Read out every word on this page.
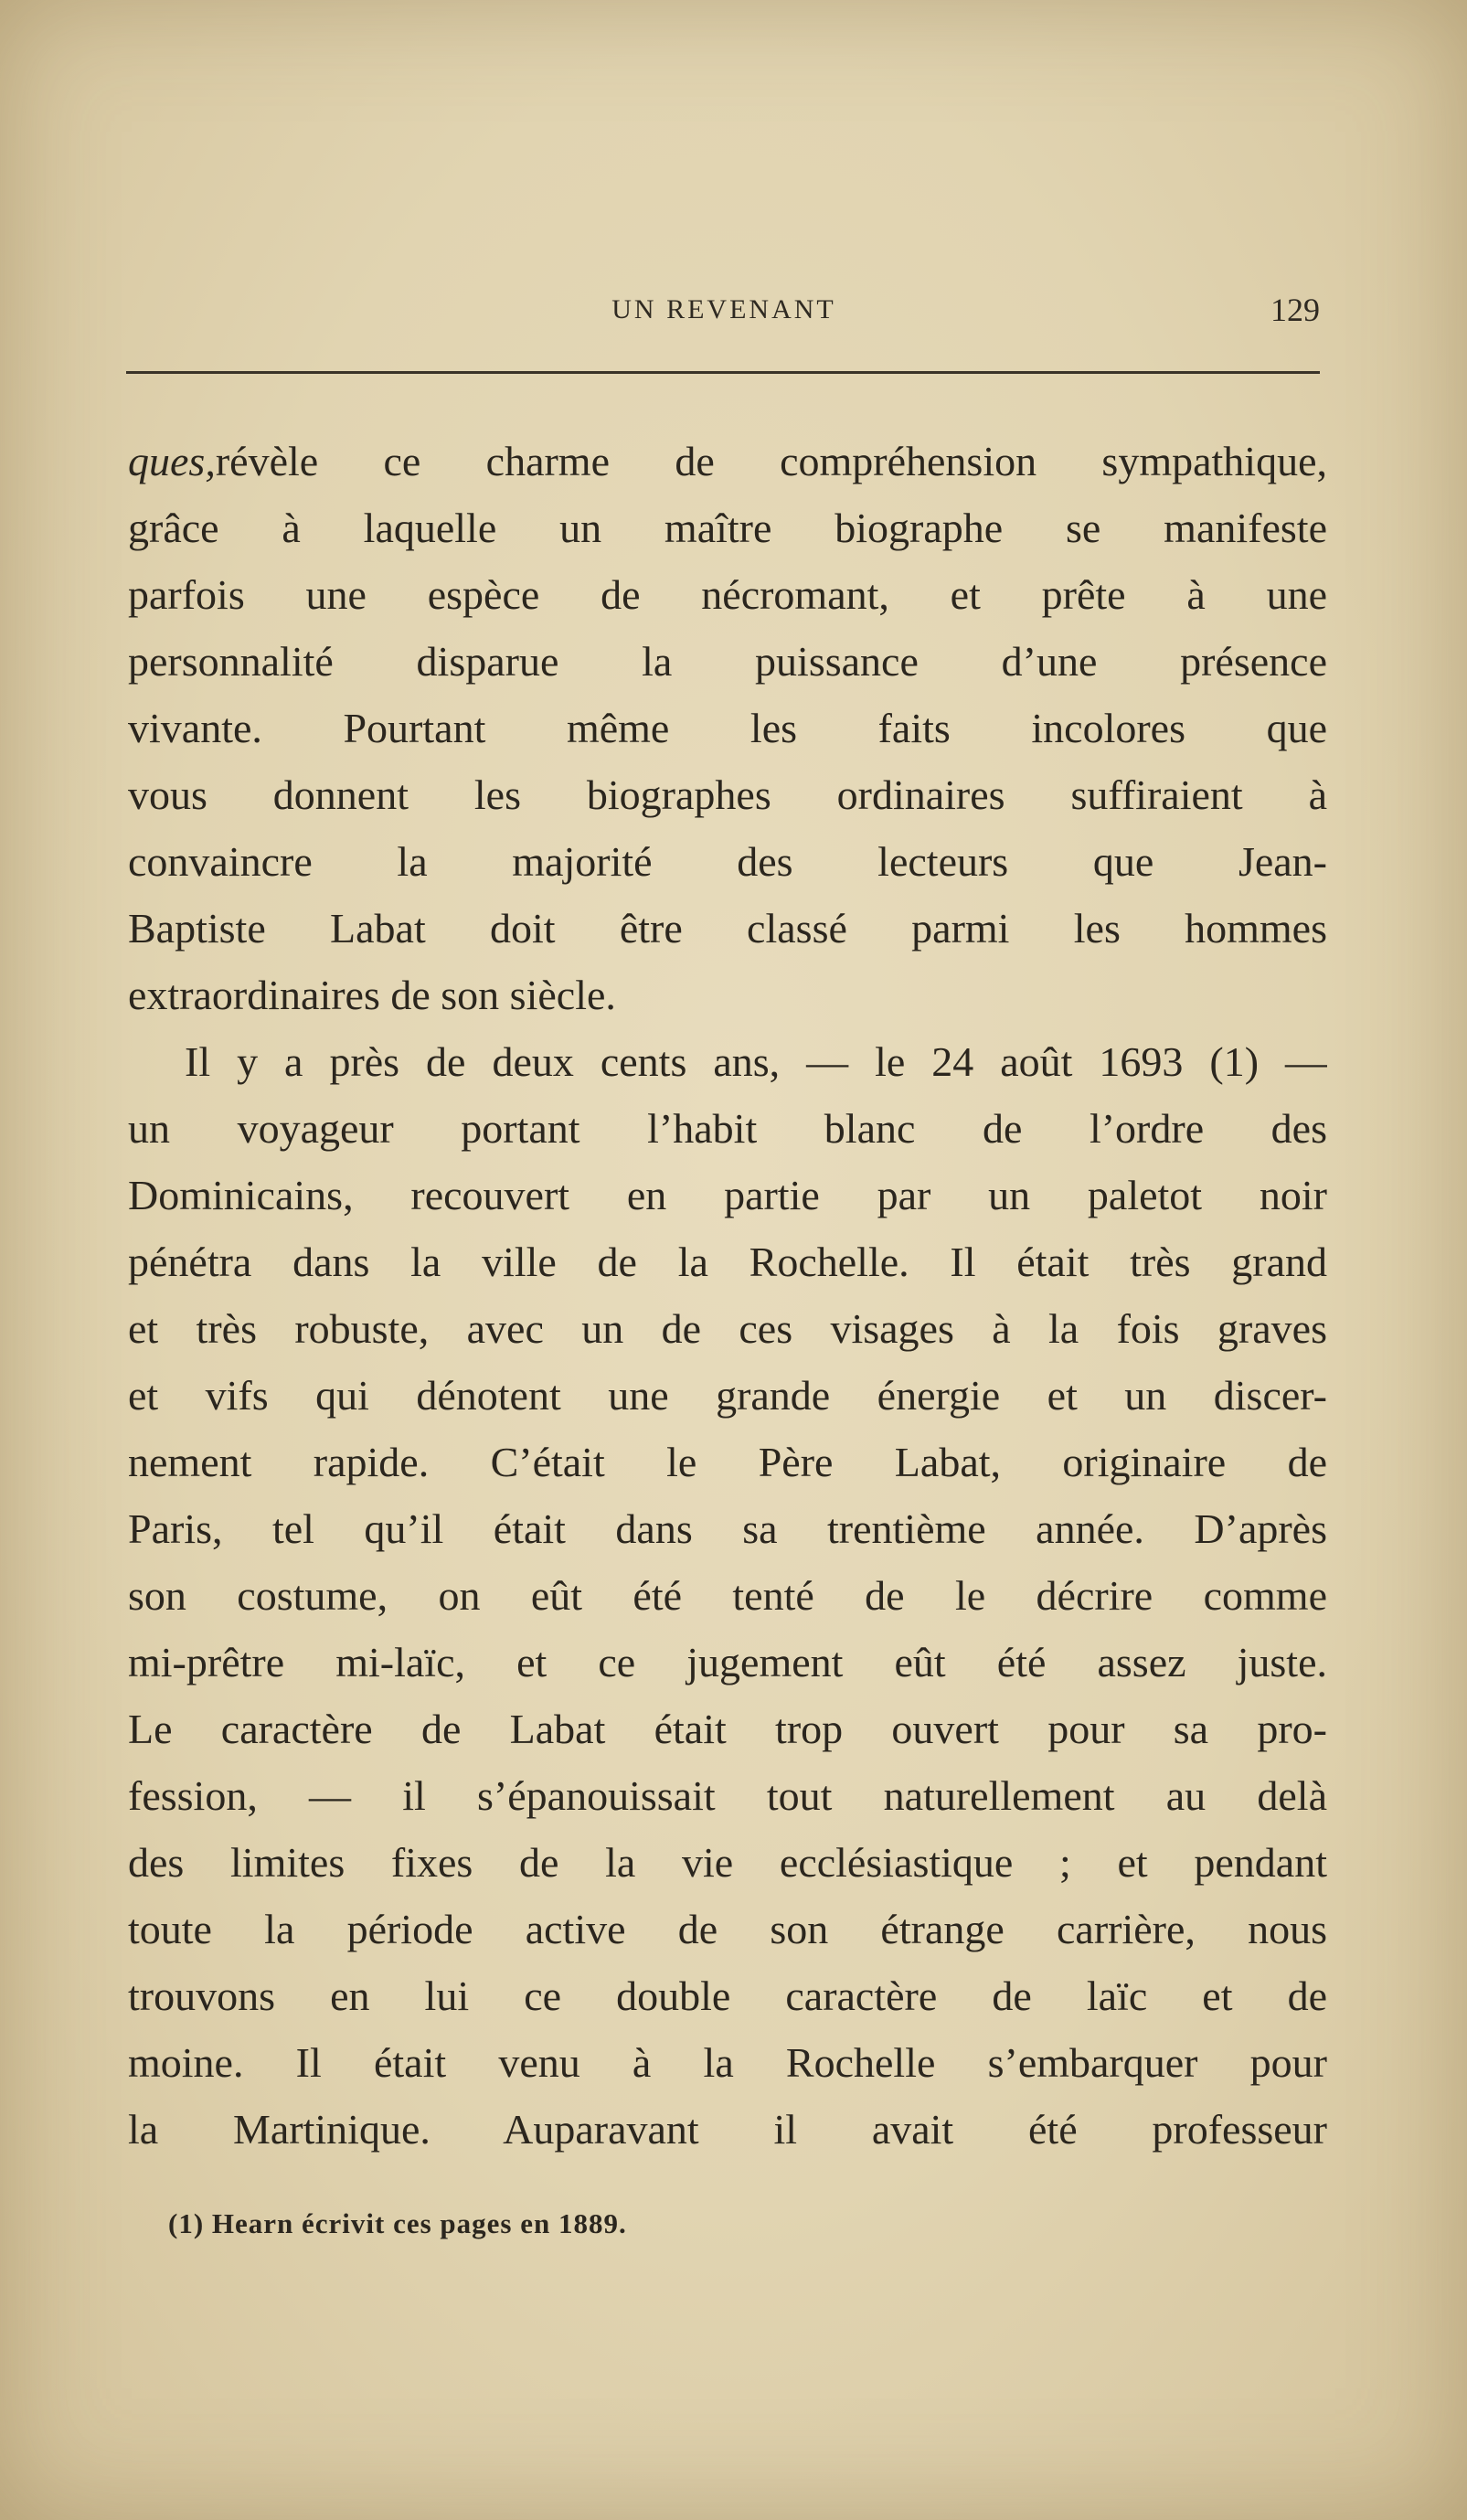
UN REVENANT	129
ques,révèle ce charme de compréhension sympathique,
grâce à laquelle un maître biographe se manifeste
parfois une espèce de nécromant, et prête à une
personnalité disparue la puissance d’une présence
vivante. Pourtant même les faits incolores que
vous donnent les biographes ordinaires suffiraient à
convaincre la majorité des lecteurs que Jean-
Baptiste Labat doit être classé parmi les hommes
extraordinaires de son siècle.
Il y a près de deux cents ans, — le 24 août 1693 (1) —
un voyageur portant l’habit blanc de l’ordre des
Dominicains, recouvert en partie par un paletot noir
pénétra dans la ville de la Rochelle. Il était très grand
et très robuste, avec un de ces visages à la fois graves
et vifs qui dénotent une grande énergie et un discer-
nement rapide. C’était le Père Labat, originaire de
Paris, tel qu’il était dans sa trentième année. D’après
son costume, on eût été tenté de le décrire comme
mi-prêtre mi-laïc, et ce jugement eût été assez juste.
Le caractère de Labat était trop ouvert pour sa pro-
fession, — il s’épanouissait tout naturellement au delà
des limites fixes de la vie ecclésiastique ; et pendant
toute la période active de son étrange carrière, nous
trouvons en lui ce double caractère de laïc et de
moine. Il était venu à la Rochelle s’embarquer pour
la Martinique. Auparavant il avait été professeur
(1) Hearn écrivit ces pages en 1889.
